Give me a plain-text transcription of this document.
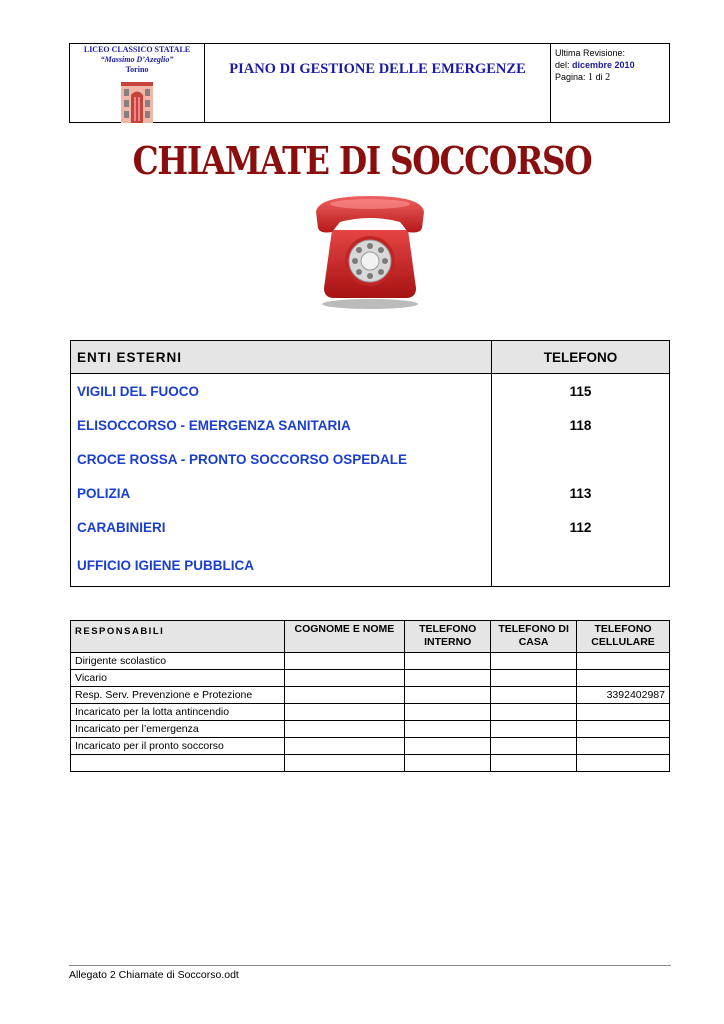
LICEO CLASSICO STATALE
“Massimo D’Azeglio”
Torino	PIANO DI GESTIONE DELLE EMERGENZE
Ultima Revisione:
del: dicembre 2010
Pagina: 1 di 2
CHIAMATE DI SOCCORSO
ENTI ESTERNI	TELEFONO
VIGILI DEL FUOCO	115
ELISOCCORSO - EMERGENZA SANITARIA	118
CROCE ROSSA - PRONTO SOCCORSO OSPEDALE	
POLIZIA	113
CARABINIERI	112
UFFICIO IGIENE PUBBLICA	
RESPONSABILI	COGNOME E NOME	TELEFONO INTERNO	TELEFONO DI CASA	TELEFONO CELLULARE
Dirigente scolastico				
Vicario				
Resp. Serv. Prevenzione e Protezione				3392402987
Incaricato per la lotta antincendio				
Incaricato per l’emergenza				
Incaricato per il pronto soccorso				

Allegato 2 Chiamate di Soccorso.odt
